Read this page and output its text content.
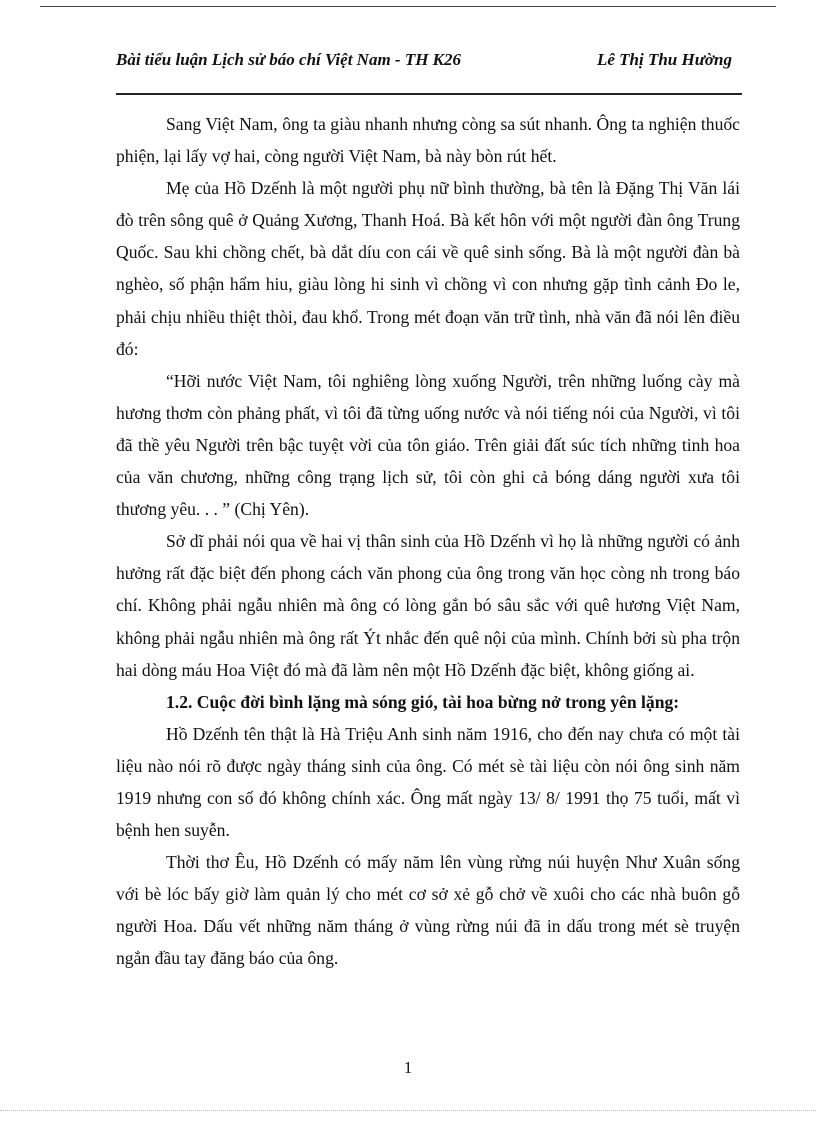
Bài tiểu luận Lịch sử báo chí Việt Nam - TH K26	Lê Thị Thu Hường

Sang Việt Nam, ông ta giàu nhanh nhưng còng sa sút nhanh. Ông ta nghiện thuốc phiện, lại lấy vợ hai, còng người Việt Nam, bà này bòn rút hết.

Mẹ của Hồ Dzếnh là một người phụ nữ bình thường, bà tên là Đặng Thị Văn lái đò trên sông quê ở Quảng Xương, Thanh Hoá. Bà kết hôn với một người đàn ông Trung Quốc. Sau khi chồng chết, bà dắt díu con cái về quê sinh sống. Bà là một người đàn bà nghèo, số phận hẩm hiu, giàu lòng hi sinh vì chồng vì con nhưng gặp tình cảnh Đo le, phải chịu nhiều thiệt thòi, đau khổ. Trong mét đoạn văn trữ tình, nhà văn đã nói lên điều đó:

“Hỡi nước Việt Nam, tôi nghiêng lòng xuống Người, trên những luống cày mà hương thơm còn phảng phất, vì tôi đã từng uống nước và nói tiếng nói của Người, vì tôi đã thề yêu Người trên bậc tuyệt vời của tôn giáo. Trên giải đất súc tích những tinh hoa của văn chương, những công trạng lịch sử, tôi còn ghi cả bóng dáng người xưa tôi thương yêu. . . ” (Chị Yên).

Sở dĩ phải nói qua về hai vị thân sinh của Hồ Dzếnh vì họ là những người có ảnh hưởng rất đặc biệt đến phong cách văn phong của ông trong văn học còng nh trong báo chí. Không phải ngẫu nhiên mà ông có lòng gắn bó sâu sắc với quê hương Việt Nam, không phải ngẫu nhiên mà ông rất Ýt nhắc đến quê nội của mình. Chính bởi sù pha trộn hai dòng máu Hoa Việt đó mà đã làm nên một Hồ Dzếnh đặc biệt, không giống ai.

1.2. Cuộc đời bình lặng mà sóng gió, tài hoa bừng nở trong yên lặng:

Hồ Dzếnh tên thật là Hà Triệu Anh sinh năm 1916, cho đến nay chưa có một tài liệu nào nói rõ được ngày tháng sinh của ông. Có mét sè tài liệu còn nói ông sinh năm 1919 nhưng con số đó không chính xác. Ông mất ngày 13/ 8/ 1991 thọ 75 tuổi, mất vì bệnh hen suyễn.

Thời thơ Êu, Hồ Dzếnh có mấy năm lên vùng rừng núi huyện Như Xuân sống với bè lóc bấy giờ làm quản lý cho mét cơ sở xẻ gỗ chở về xuôi cho các nhà buôn gỗ người Hoa. Dấu vết những năm tháng ở vùng rừng núi đã in dấu trong mét sè truyện ngắn đầu tay đăng báo của ông.

1
